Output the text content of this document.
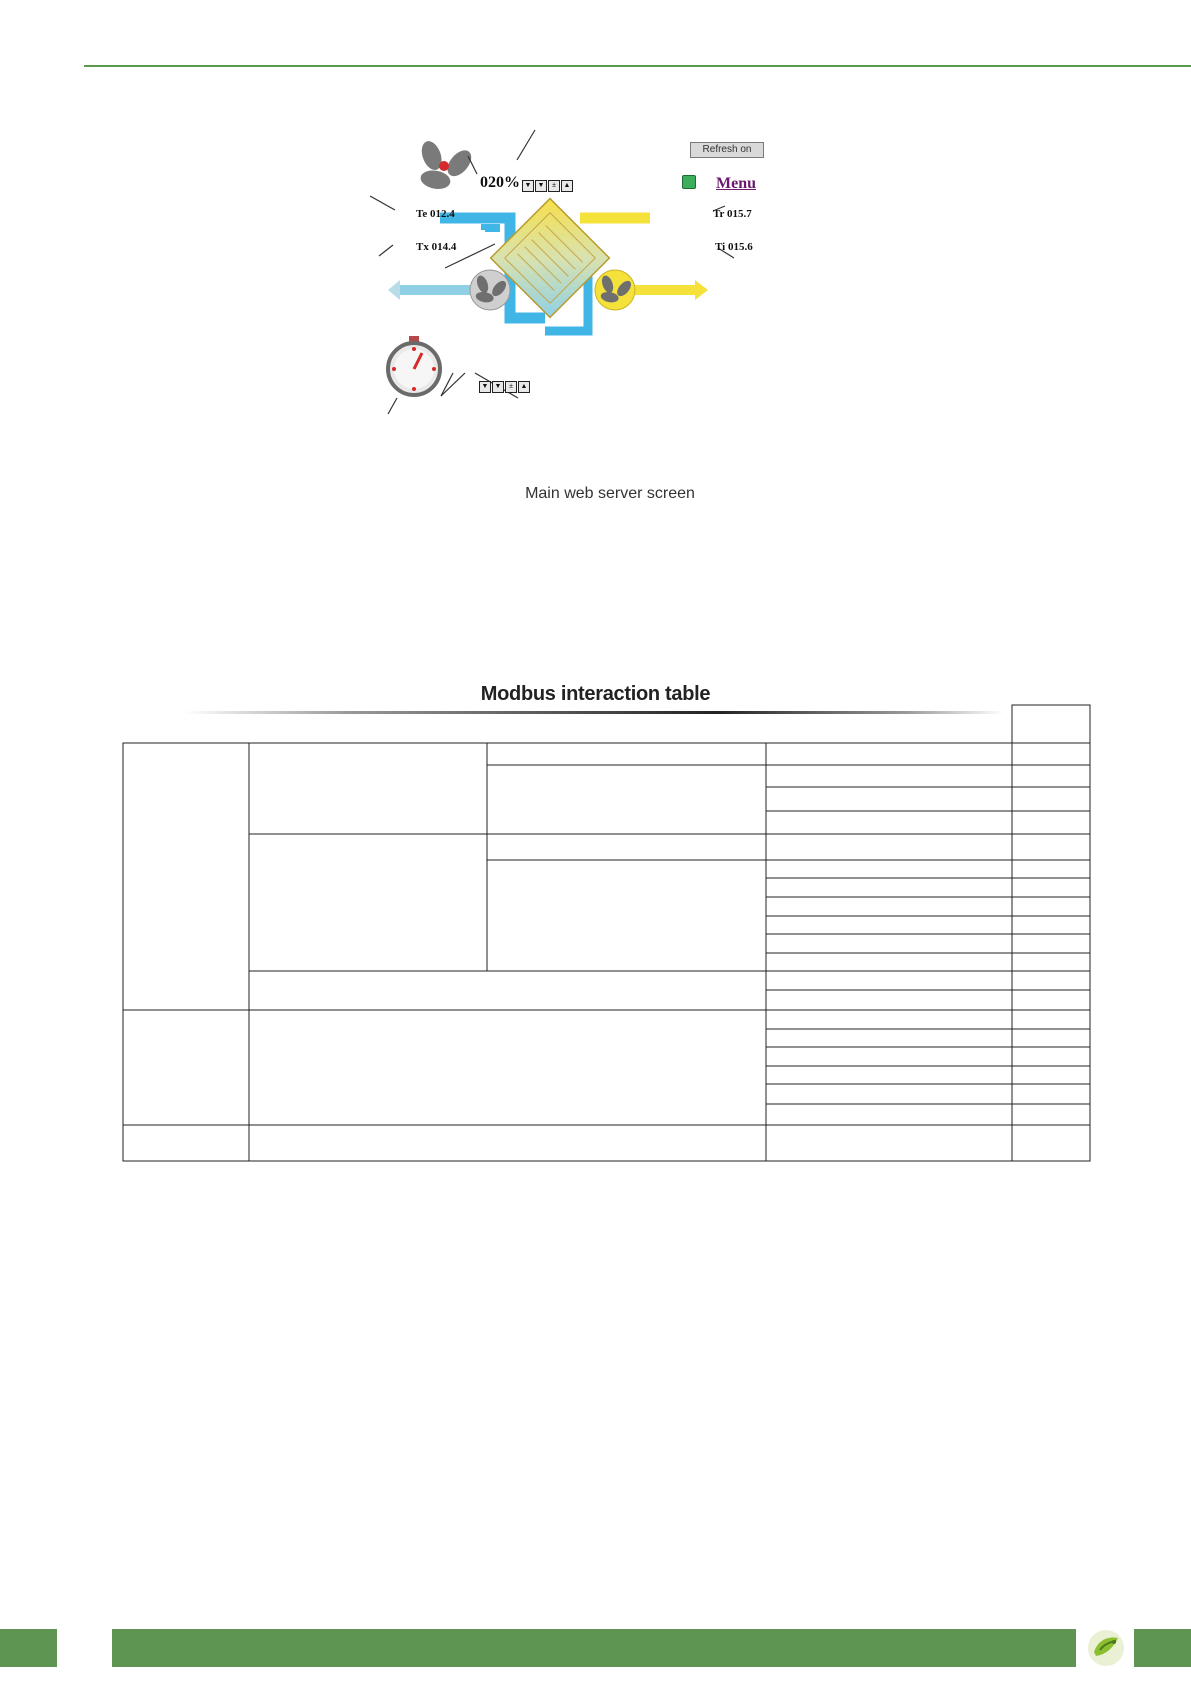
020% ▼ ▼	±	▲
▼ ▼	±	▲
Te 012.4
Tx 014.4
Tr 015.7
Ti 015.6
Refresh on
Menu
Main web server screen
Modbus interaction table
